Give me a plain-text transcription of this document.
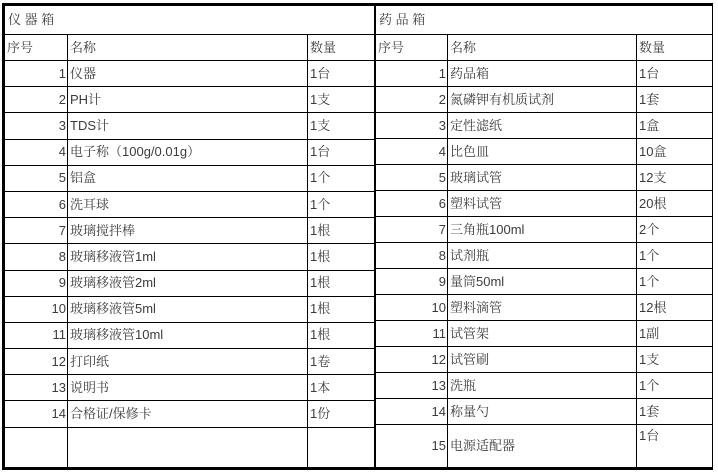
仪 器 箱		
序号	名称	数量
1	仪器	1台
2	PH计	1支
3	TDS计	1支
4	电子称（100g/0.01g）	1台
5	铝盒	1个
6	洗耳球	1个
7	玻璃搅拌棒	1根
8	玻璃移液管1ml	1根
9	玻璃移液管2ml	1根
10	玻璃移液管5ml	1根
11	玻璃移液管10ml	1根
12	打印纸	1卷
13	说明书	1本
14	合格证/保修卡	1份

药 品 箱		
序号	名称	数量
1	药品箱	1台
2	氮磷钾有机质试剂	1套
3	定性滤纸	1盒
4	比色皿	10盒
5	玻璃试管	12支
6	塑料试管	20根
7	三角瓶100ml	2个
8	试剂瓶	1个
9	量筒50ml	1个
10	塑料滴管	12根
11	试管架	1副
12	试管刷	1支
13	洗瓶	1个
14	称量勺	1套
15	电源适配器	1台
